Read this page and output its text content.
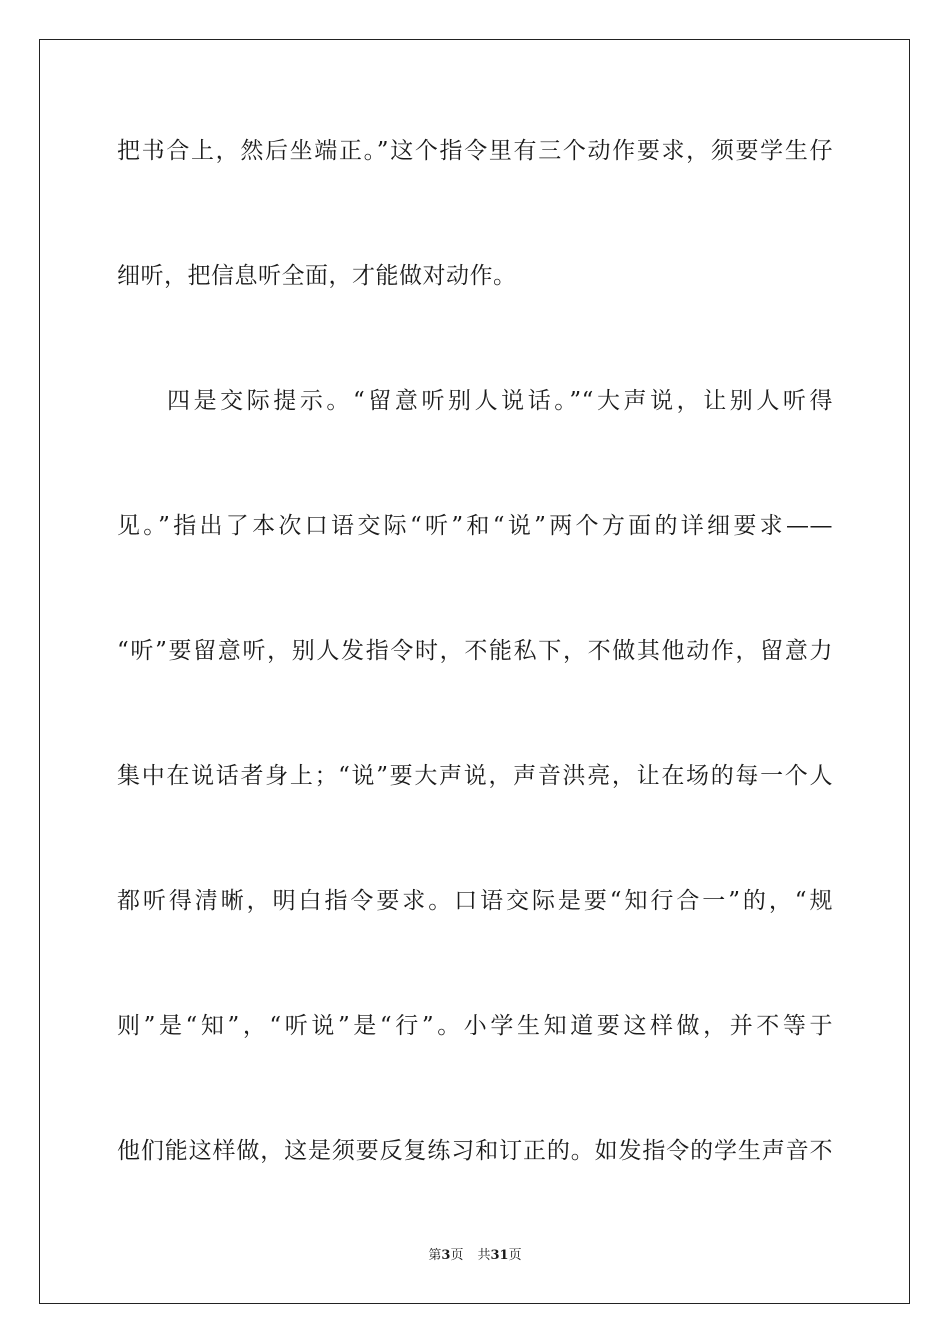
把书合上，然后坐端正。”这个指令里有三个动作要求，须要学生仔
细听，把信息听全面，才能做对动作。
四是交际提示。“留意听别人说话。”“大声说，让别人听得
见。”指出了本次口语交际“听”和“说”两个方面的详细要求——
“听”要留意听，别人发指令时，不能私下，不做其他动作，留意力
集中在说话者身上；“说”要大声说，声音洪亮，让在场的每一个人
都听得清晰，明白指令要求。口语交际是要“知行合一”的，“规
则”是“知”，“听说”是“行”。小学生知道要这样做，并不等于
他们能这样做，这是须要反复练习和订正的。如发指令的学生声音不
第3页 共31页
